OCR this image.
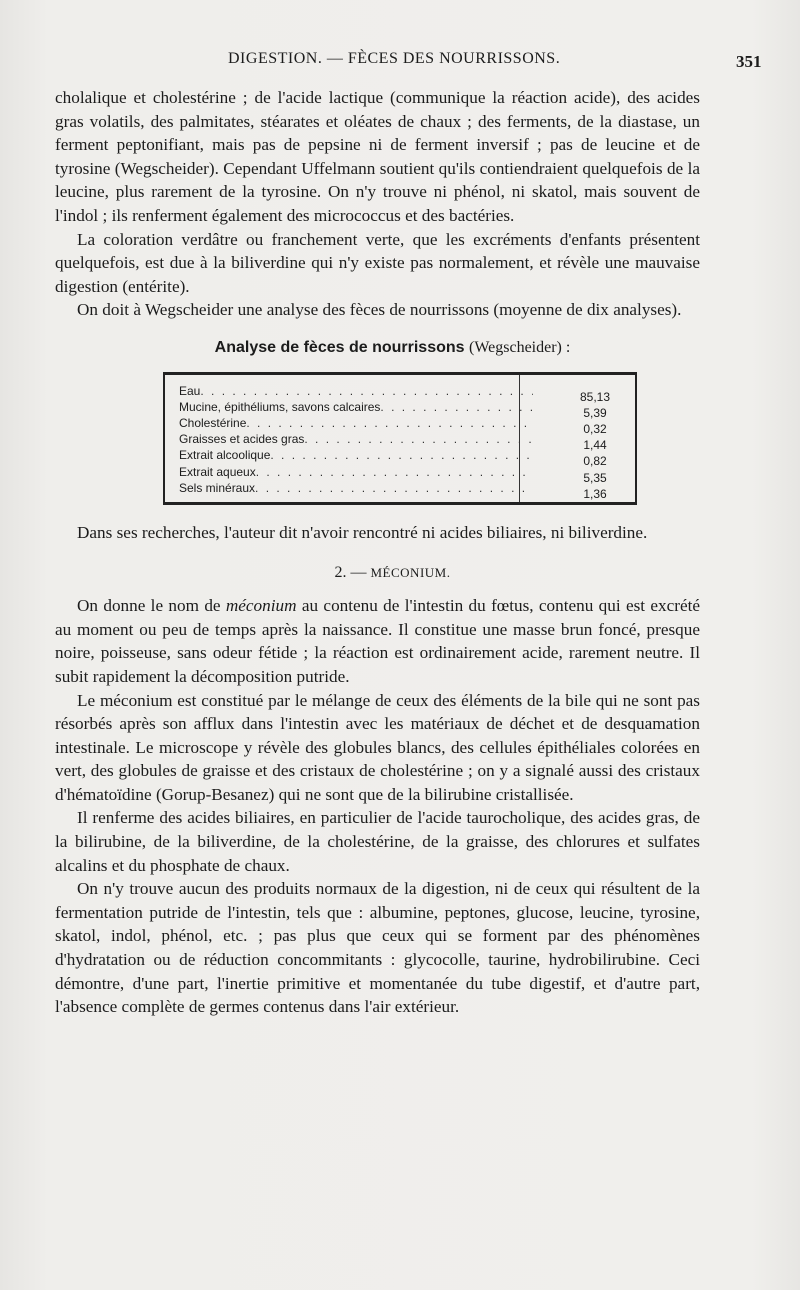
DIGESTION. — FÈCES DES NOURRISSONS.	351

cholalique et cholestérine ; de l'acide lactique (communique la réaction acide), des acides gras volatils, des palmitates, stéarates et oléates de chaux ; des ferments, de la diastase, un ferment peptonifiant, mais pas de pepsine ni de ferment inversif ; pas de leucine et de tyrosine (Wegscheider). Cependant Uffelmann soutient qu'ils contiendraient quelquefois de la leucine, plus rarement de la tyrosine. On n'y trouve ni phénol, ni skatol, mais souvent de l'indol ; ils renferment également des micrococcus et des bactéries.

La coloration verdâtre ou franchement verte, que les excréments d'enfants présentent quelquefois, est due à la biliverdine qui n'y existe pas normalement, et révèle une mauvaise digestion (entérite).

On doit à Wegscheider une analyse des fèces de nourrissons (moyenne de dix analyses).

Analyse de fèces de nourrissons (Wegscheider) :
Eau . . .	85,13
Mucine, épithéliums, savons calcaires . . .	5,39
Cholestérine . . .	0,32
Graisses et acides gras . . .	1,44
Extrait alcoolique . . .	0,82
Extrait aqueux . . .	5,35
Sels minéraux . . .	1,36

Dans ses recherches, l'auteur dit n'avoir rencontré ni acides biliaires, ni biliverdine.

2. — MÉCONIUM.

On donne le nom de méconium au contenu de l'intestin du fœtus, contenu qui est excrété au moment ou peu de temps après la naissance. Il constitue une masse brun foncé, presque noire, poisseuse, sans odeur fétide ; la réaction est ordinairement acide, rarement neutre. Il subit rapidement la décomposition putride.

Le méconium est constitué par le mélange de ceux des éléments de la bile qui ne sont pas résorbés après son afflux dans l'intestin avec les matériaux de déchet et de desquamation intestinale. Le microscope y révèle des globules blancs, des cellules épithéliales colorées en vert, des globules de graisse et des cristaux de cholestérine ; on y a signalé aussi des cristaux d'hématoïdine (Gorup-Besanez) qui ne sont que de la bilirubine cristallisée.

Il renferme des acides biliaires, en particulier de l'acide taurocholique, des acides gras, de la bilirubine, de la biliverdine, de la cholestérine, de la graisse, des chlorures et sulfates alcalins et du phosphate de chaux.

On n'y trouve aucun des produits normaux de la digestion, ni de ceux qui résultent de la fermentation putride de l'intestin, tels que : albumine, peptones, glucose, leucine, tyrosine, skatol, indol, phénol, etc. ; pas plus que ceux qui se forment par des phénomènes d'hydratation ou de réduction concommitants : glycocolle, taurine, hydrobilirubine. Ceci démontre, d'une part, l'inertie primitive et momentanée du tube digestif, et d'autre part, l'absence complète de germes contenus dans l'air extérieur.
